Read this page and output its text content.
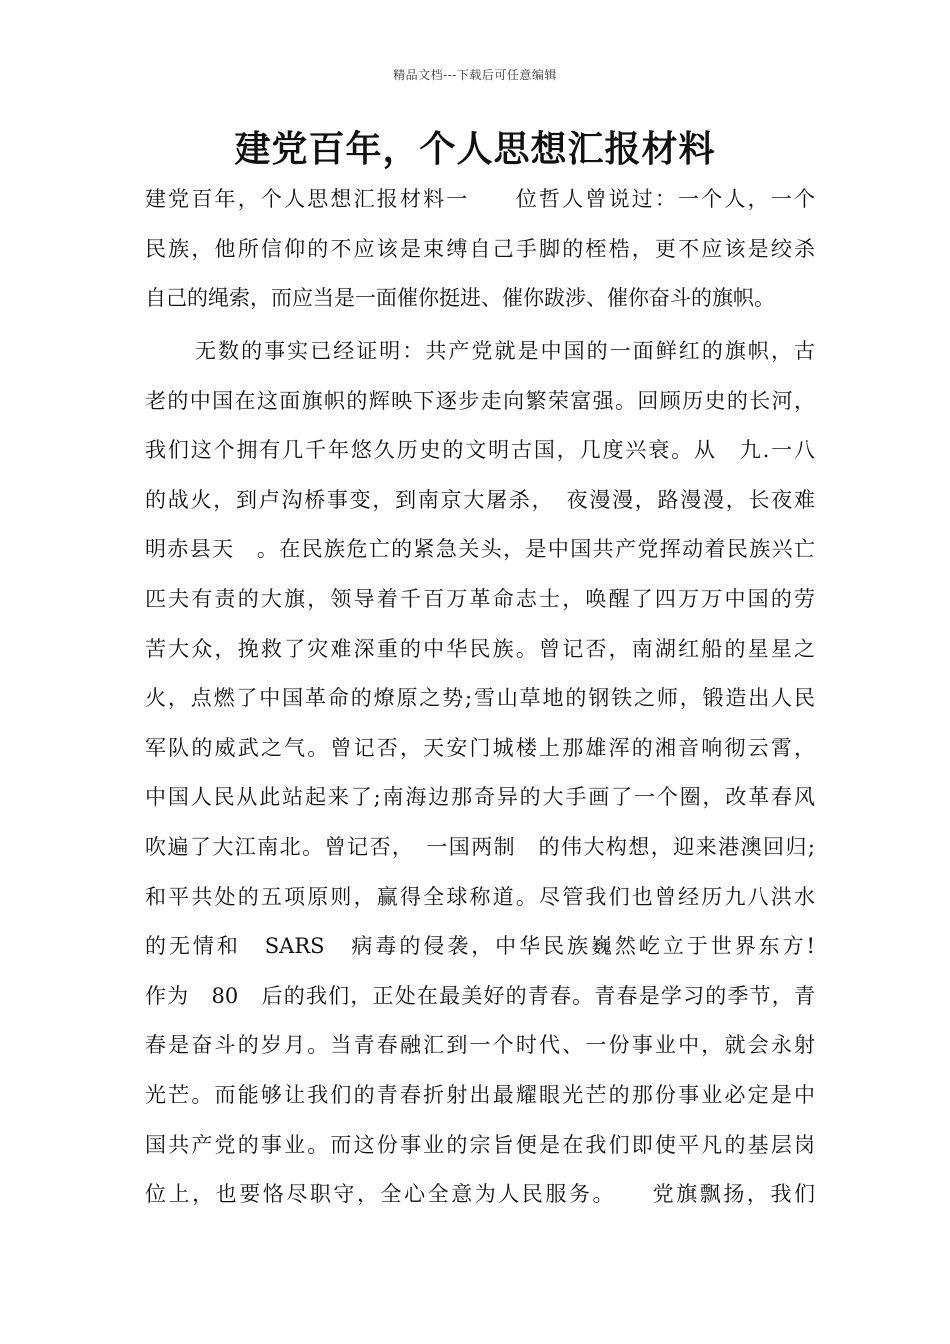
精品文档---下载后可任意编辑
建党百年，个人思想汇报材料
建党百年，个人思想汇报材料一　　位哲人曾说过：一个人，一个
民族，他所信仰的不应该是束缚自己手脚的桎梏，更不应该是绞杀
自己的绳索，而应当是一面催你挺进、催你跋涉、催你奋斗的旗帜。
无数的事实已经证明：共产党就是中国的一面鲜红的旗帜，古
老的中国在这面旗帜的辉映下逐步走向繁荣富强。回顾历史的长河，
我们这个拥有几千年悠久历史的文明古国，几度兴衰。从　九.一八
的战火，到卢沟桥事变，到南京大屠杀，　夜漫漫，路漫漫，长夜难
明赤县天　。在民族危亡的紧急关头，是中国共产党挥动着民族兴亡
匹夫有责的大旗，领导着千百万革命志士，唤醒了四万万中国的劳
苦大众，挽救了灾难深重的中华民族。曾记否，南湖红船的星星之
火，点燃了中国革命的燎原之势;雪山草地的钢铁之师，锻造出人民
军队的威武之气。曾记否，天安门城楼上那雄浑的湘音响彻云霄，
中国人民从此站起来了;南海边那奇异的大手画了一个圈，改革春风
吹遍了大江南北。曾记否，　一国两制　的伟大构想，迎来港澳回归;
和平共处的五项原则，赢得全球称道。尽管我们也曾经历九八洪水
的无情和　SARS　病毒的侵袭，中华民族巍然屹立于世界东方!
作为　80　后的我们，正处在最美好的青春。青春是学习的季节，青
春是奋斗的岁月。当青春融汇到一个时代、一份事业中，就会永射
光芒。而能够让我们的青春折射出最耀眼光芒的那份事业必定是中
国共产党的事业。而这份事业的宗旨便是在我们即使平凡的基层岗
位上，也要恪尽职守，全心全意为人民服务。　　党旗飘扬，我们
